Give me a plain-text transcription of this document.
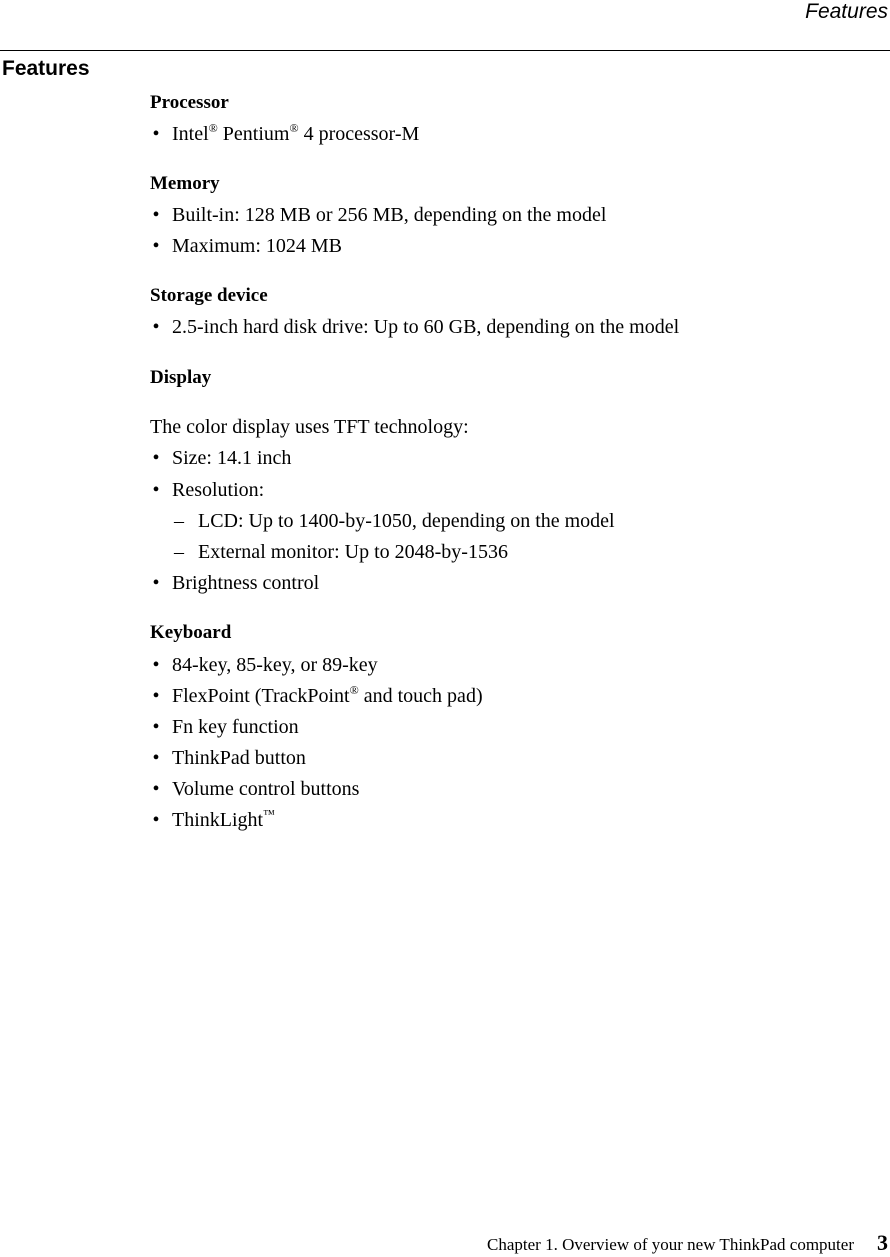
Features
Features
Processor
• Intel® Pentium® 4 processor-M
Memory
• Built-in: 128 MB or 256 MB, depending on the model
• Maximum: 1024 MB
Storage device
• 2.5-inch hard disk drive: Up to 60 GB, depending on the model
Display

The color display uses TFT technology:

• Size: 14.1 inch
• Resolution:
– LCD: Up to 1400-by-1050, depending on the model
– External monitor: Up to 2048-by-1536
• Brightness control
Keyboard
• 84-key, 85-key, or 89-key
• FlexPoint (TrackPoint® and touch pad)
• Fn key function
• ThinkPad button
• Volume control buttons
• ThinkLight™
Chapter 1. Overview of your new ThinkPad computer 3
